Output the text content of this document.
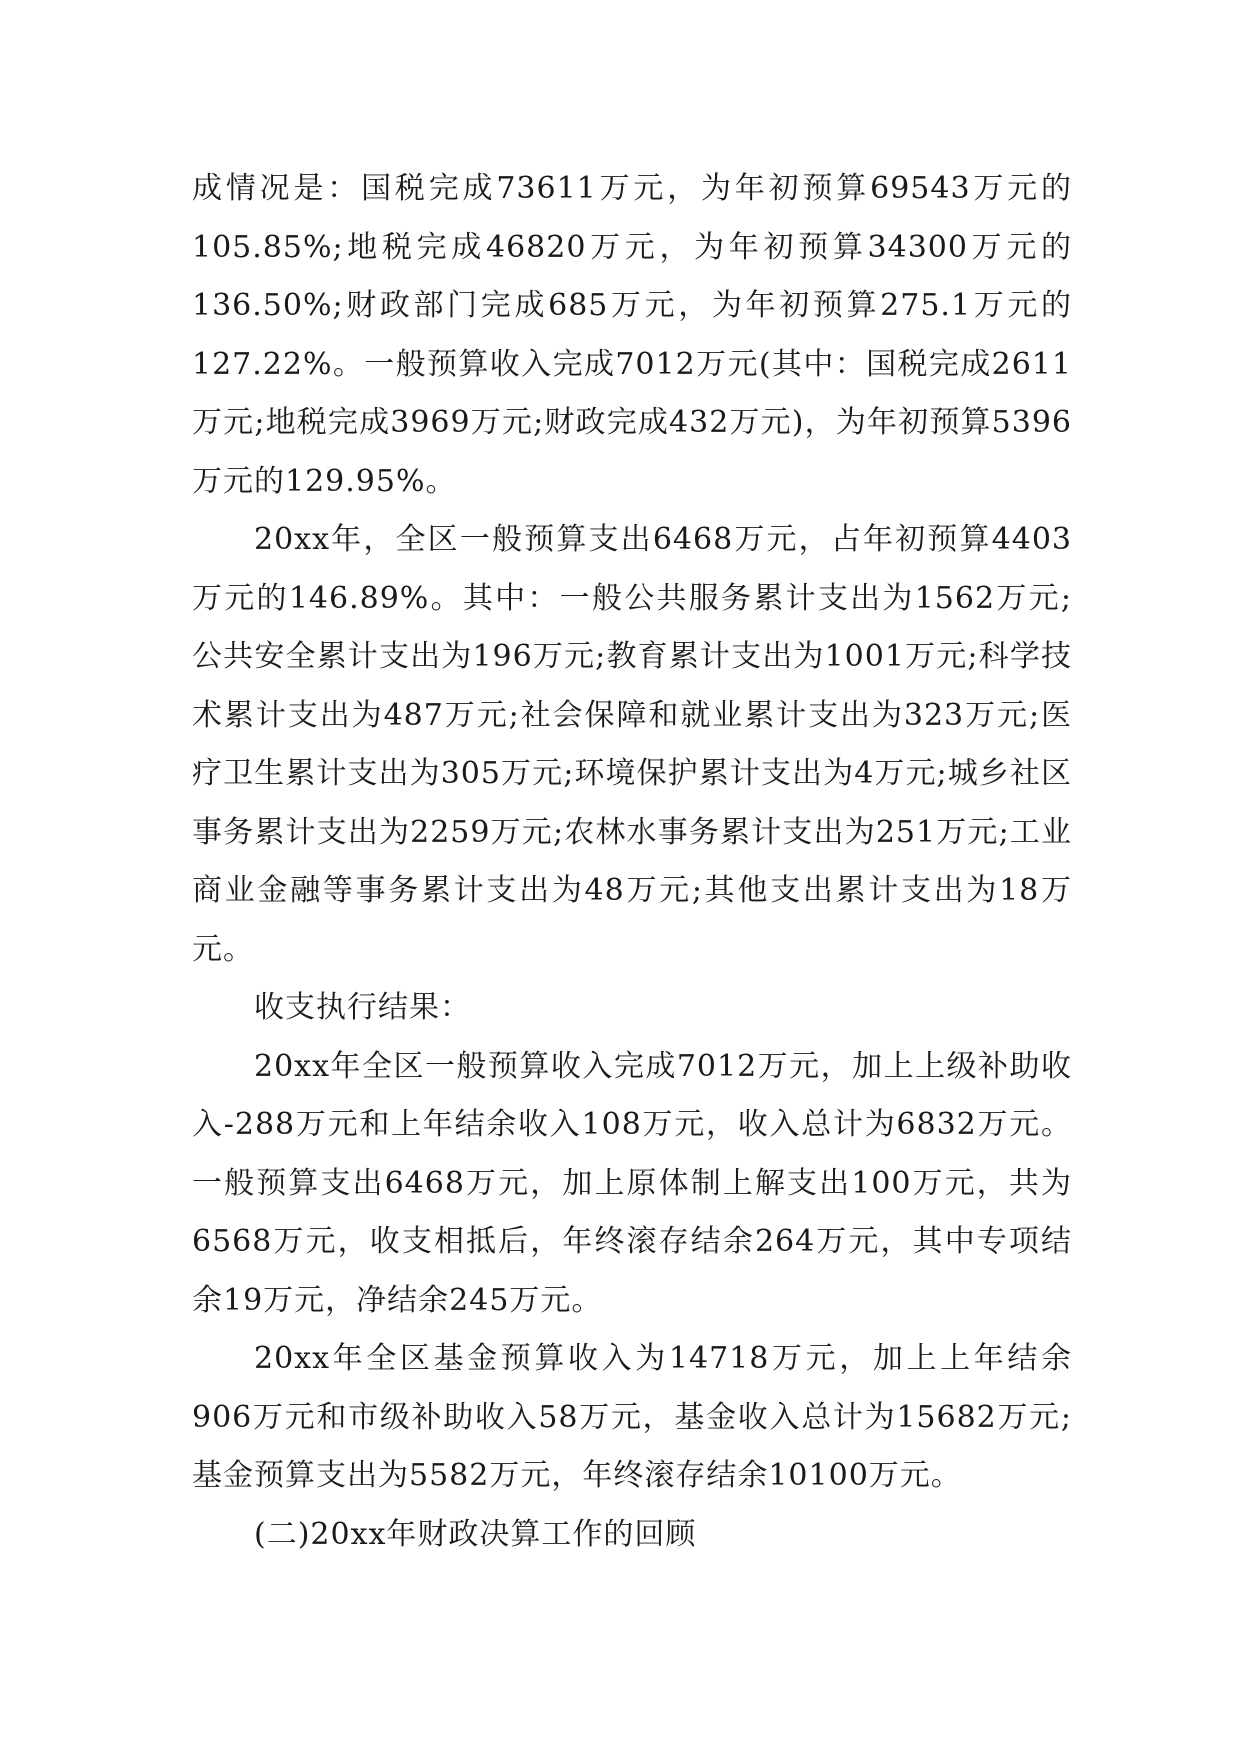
成情况是：国税完成73611万元，为年初预算69543万元的105.85%;地税完成46820万元，为年初预算34300万元的136.50%;财政部门完成685万元，为年初预算275.1万元的127.22%。一般预算收入完成7012万元(其中：国税完成2611万元;地税完成3969万元;财政完成432万元)，为年初预算5396万元的129.95%。

20xx年，全区一般预算支出6468万元，占年初预算4403万元的146.89%。其中：一般公共服务累计支出为1562万元;公共安全累计支出为196万元;教育累计支出为1001万元;科学技术累计支出为487万元;社会保障和就业累计支出为323万元;医疗卫生累计支出为305万元;环境保护累计支出为4万元;城乡社区事务累计支出为2259万元;农林水事务累计支出为251万元;工业商业金融等事务累计支出为48万元;其他支出累计支出为18万元。

收支执行结果：

20xx年全区一般预算收入完成7012万元，加上上级补助收入-288万元和上年结余收入108万元，收入总计为6832万元。一般预算支出6468万元，加上原体制上解支出100万元，共为6568万元，收支相抵后，年终滚存结余264万元，其中专项结余19万元，净结余245万元。

20xx年全区基金预算收入为14718万元，加上上年结余906万元和市级补助收入58万元，基金收入总计为15682万元;基金预算支出为5582万元，年终滚存结余10100万元。

(二)20xx年财政决算工作的回顾
